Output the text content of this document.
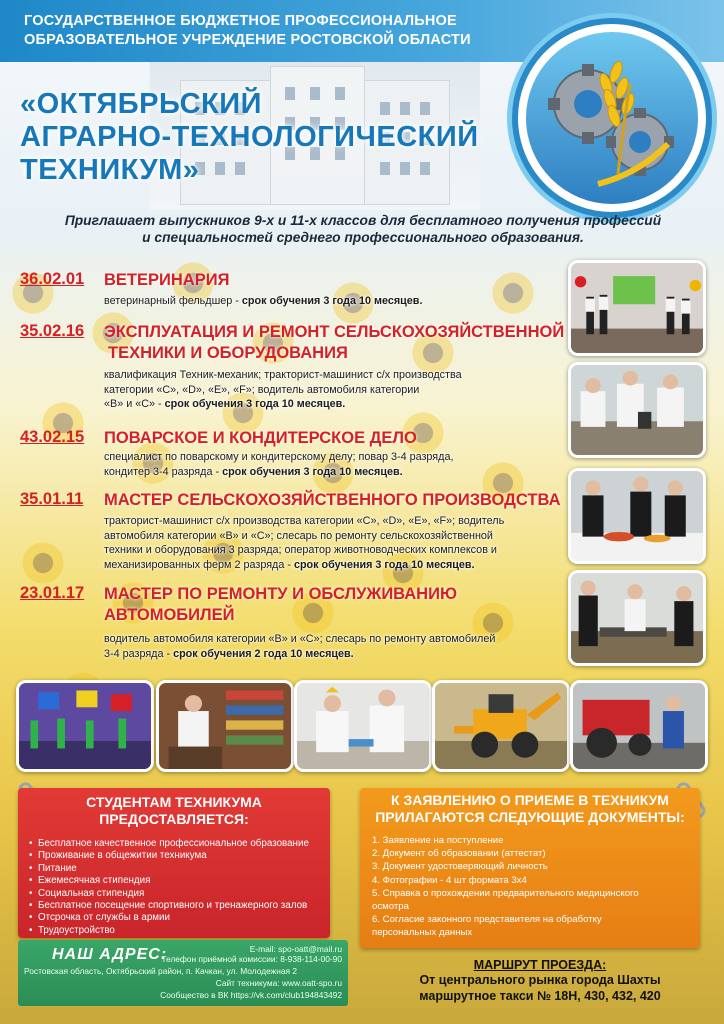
ГОСУДАРСТВЕННОЕ БЮДЖЕТНОЕ ПРОФЕССИОНАЛЬНОЕ
ОБРАЗОВАТЕЛЬНОЕ УЧРЕЖДЕНИЕ РОСТОВСКОЙ ОБЛАСТИ
«ОКТЯБРЬСКИЙ
АГРАРНО-ТЕХНОЛОГИЧЕСКИЙ
ТЕХНИКУМ»
Приглашает выпускников 9-х и 11-х классов для бесплатного получения профессий
и специальностей среднего профессионального образования.
36.02.01 ВЕТЕРИНАРИЯ
ветеринарный фельдшер - срок обучения 3 года 10 месяцев.
35.02.16 ЭКСПЛУАТАЦИЯ И РЕМОНТ СЕЛЬСКОХОЗЯЙСТВЕННОЙ
ТЕХНИКИ И ОБОРУДОВАНИЯ
квалификация Техник-механик; тракторист-машинист с/х производства
категории «С», «D», «Е», «F»; водитель автомобиля категории
«В» и «С» - срок обучения 3 года 10 месяцев.
43.02.15 ПОВАРСКОЕ И КОНДИТЕРСКОЕ ДЕЛО
специалист по поварскому и кондитерскому делу; повар 3-4 разряда,
кондитер 3-4 разряда - срок обучения 3 года 10 месяцев.
35.01.11 МАСТЕР СЕЛЬСКОХОЗЯЙСТВЕННОГО ПРОИЗВОДСТВА
тракторист-машинист с/х производства категории «С», «D», «Е», «F»; водитель
автомобиля категории «В» и «С»; слесарь по ремонту сельскохозяйственной
техники и оборудования 3 разряда; оператор животноводческих комплексов и
механизированных ферм 2 разряда - срок обучения 3 года 10 месяцев.
23.01.17 МАСТЕР ПО РЕМОНТУ И ОБСЛУЖИВАНИЮ
АВТОМОБИЛЕЙ
водитель автомобиля категории «В» и «С»; слесарь по ремонту автомобилей
3-4 разряда - срок обучения 2 года 10 месяцев.
СТУДЕНТАМ ТЕХНИКУМА
ПРЕДОСТАВЛЯЕТСЯ:
• Бесплатное качественное профессиональное образование
• Проживание в общежитии техникума
• Питание
• Ежемесячная стипендия
• Социальная стипендия
• Бесплатное посещение спортивного и тренажерного залов
• Отсрочка от службы в армии
• Трудоустройство
К ЗАЯВЛЕНИЮ О ПРИЕМЕ В ТЕХНИКУМ
ПРИЛАГАЮТСЯ СЛЕДУЮЩИЕ ДОКУМЕНТЫ:
1. Заявление на поступление
2. Документ об образовании (аттестат)
3. Документ удостоверяющий личность
4. Фотографии - 4 шт формата 3х4
5. Справка о прохождении предварительного медицинского
осмотра
6. Согласие законного представителя на обработку
персональных данных
НАШ АДРЕС:	E-mail: spo-oatt@mail.ru
Телефон приёмной комиссии: 8-938-114-00-90
Ростовская область, Октябрьский район, п. Качкан, ул. Молодежная 2
Сайт техникума: www.oatt-spo.ru
Сообщество в ВК https://vk.com/club194843492
МАРШРУТ ПРОЕЗДА:
От центрального рынка города Шахты
маршрутное такси № 18Н, 430, 432, 420
